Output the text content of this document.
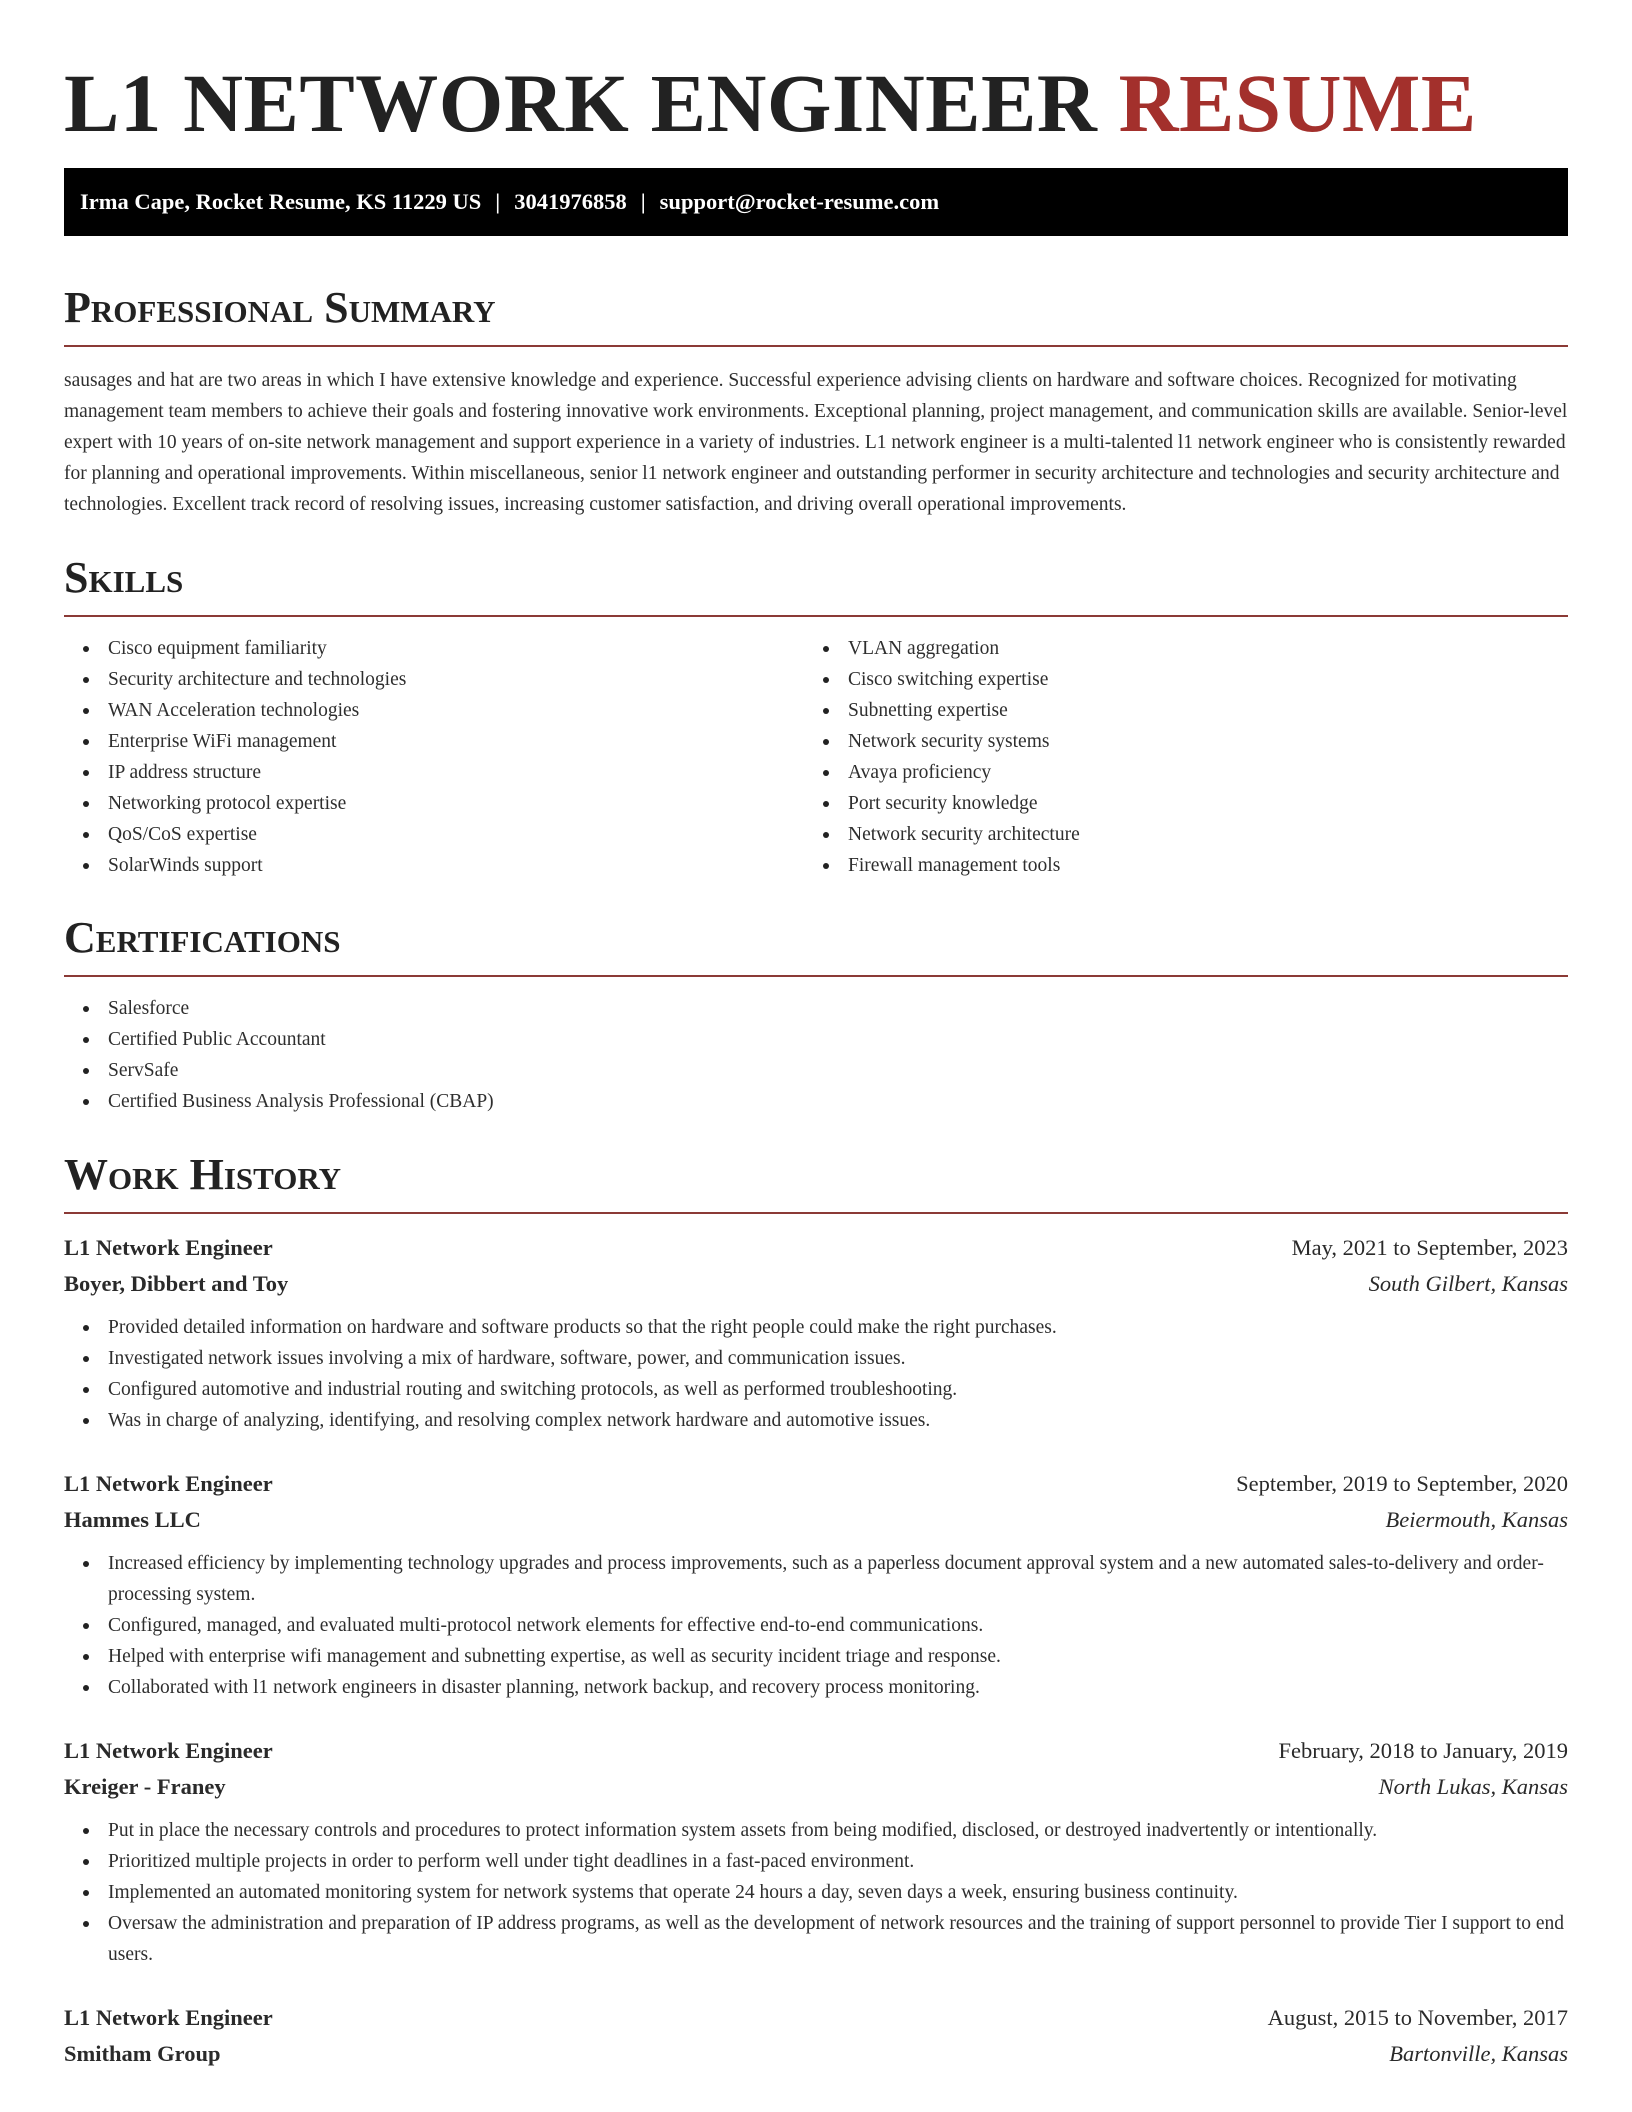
L1 NETWORK ENGINEER RESUME
Irma Cape, Rocket Resume, KS 11229 US | 3041976858 | support@rocket-resume.com
Professional Summary

sausages and hat are two areas in which I have extensive knowledge and experience. Successful experience advising clients on hardware and software choices. Recognized for motivating management team members to achieve their goals and fostering innovative work environments. Exceptional planning, project management, and communication skills are available. Senior-level expert with 10 years of on-site network management and support experience in a variety of industries. L1 network engineer is a multi-talented l1 network engineer who is consistently rewarded for planning and operational improvements. Within miscellaneous, senior l1 network engineer and outstanding performer in security architecture and technologies and security architecture and technologies. Excellent track record of resolving issues, increasing customer satisfaction, and driving overall operational improvements.

Skills
Cisco equipment familiarity
Security architecture and technologies
WAN Acceleration technologies
Enterprise WiFi management
IP address structure
Networking protocol expertise
QoS/CoS expertise
SolarWinds support
VLAN aggregation
Cisco switching expertise
Subnetting expertise
Network security systems
Avaya proficiency
Port security knowledge
Network security architecture
Firewall management tools
Certifications
Salesforce
Certified Public Accountant
ServSafe
Certified Business Analysis Professional (CBAP)
Work History
L1 Network Engineer	May, 2021 to September, 2023
Boyer, Dibbert and Toy	South Gilbert, Kansas
Provided detailed information on hardware and software products so that the right people could make the right purchases.
Investigated network issues involving a mix of hardware, software, power, and communication issues.
Configured automotive and industrial routing and switching protocols, as well as performed troubleshooting.
Was in charge of analyzing, identifying, and resolving complex network hardware and automotive issues.
L1 Network Engineer	September, 2019 to September, 2020
Hammes LLC	Beiermouth, Kansas
Increased efficiency by implementing technology upgrades and process improvements, such as a paperless document approval system and a new automated sales-to-delivery and order-processing system.
Configured, managed, and evaluated multi-protocol network elements for effective end-to-end communications.
Helped with enterprise wifi management and subnetting expertise, as well as security incident triage and response.
Collaborated with l1 network engineers in disaster planning, network backup, and recovery process monitoring.
L1 Network Engineer	February, 2018 to January, 2019
Kreiger - Franey	North Lukas, Kansas
Put in place the necessary controls and procedures to protect information system assets from being modified, disclosed, or destroyed inadvertently or intentionally.
Prioritized multiple projects in order to perform well under tight deadlines in a fast-paced environment.
Implemented an automated monitoring system for network systems that operate 24 hours a day, seven days a week, ensuring business continuity.
Oversaw the administration and preparation of IP address programs, as well as the development of network resources and the training of support personnel to provide Tier I support to end users.
L1 Network Engineer	August, 2015 to November, 2017
Smitham Group	Bartonville, Kansas
